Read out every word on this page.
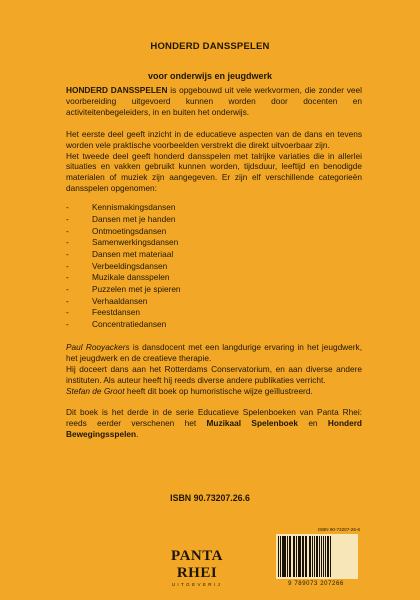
HONDERD DANSSPELEN
voor onderwijs en jeugdwerk

HONDERD DANSSPELEN is opgebouwd uit vele werkvormen, die zonder veel voorbereiding uitgevoerd kunnen worden door docenten en activiteitenbegeleiders, in en buiten het onderwijs.

Het eerste deel geeft inzicht in de educatieve aspecten van de dans en tevens worden vele praktische voorbeelden verstrekt die direkt uitvoerbaar zijn.

Het tweede deel geeft honderd dansspelen met talrijke variaties die in allerlei situaties en vakken gebruikt kunnen worden, tijdsduur, leeftijd en benodigde materialen of muziek zijn aangegeven. Er zijn elf verschillende categorieën dansspelen opgenomen:

-	Kennismakingsdansen
-	Dansen met je handen
-	Ontmoetingsdansen
-	Samenwerkingsdansen
-	Dansen met materiaal
-	Verbeeldingsdansen
-	Muzikale dansspelen
-	Puzzelen met je spieren
-	Verhaaldansen
-	Feestdansen
-	Concentratiedansen

Paul Rooyackers is dansdocent met een langdurige ervaring in het jeugdwerk, het jeugdwerk en de creatieve therapie.

Hij doceert dans aan het Rotterdams Conservatorium, en aan diverse andere instituten. Als auteur heeft hij reeds diverse andere publikaties verricht.

Stefan de Groot heeft dit boek op humoristische wijze geïllustreerd.

Dit boek is het derde in de serie Educatieve Spelenboeken van Panta Rhei: reeds eerder verschenen het Muzikaal Spelenboek en Honderd Bewegingsspelen.

ISBN 90.73207.26.6
PANTA RHEI
UITGEVERIJ
ISBN 90-73207-26-6
9 789073 207266
